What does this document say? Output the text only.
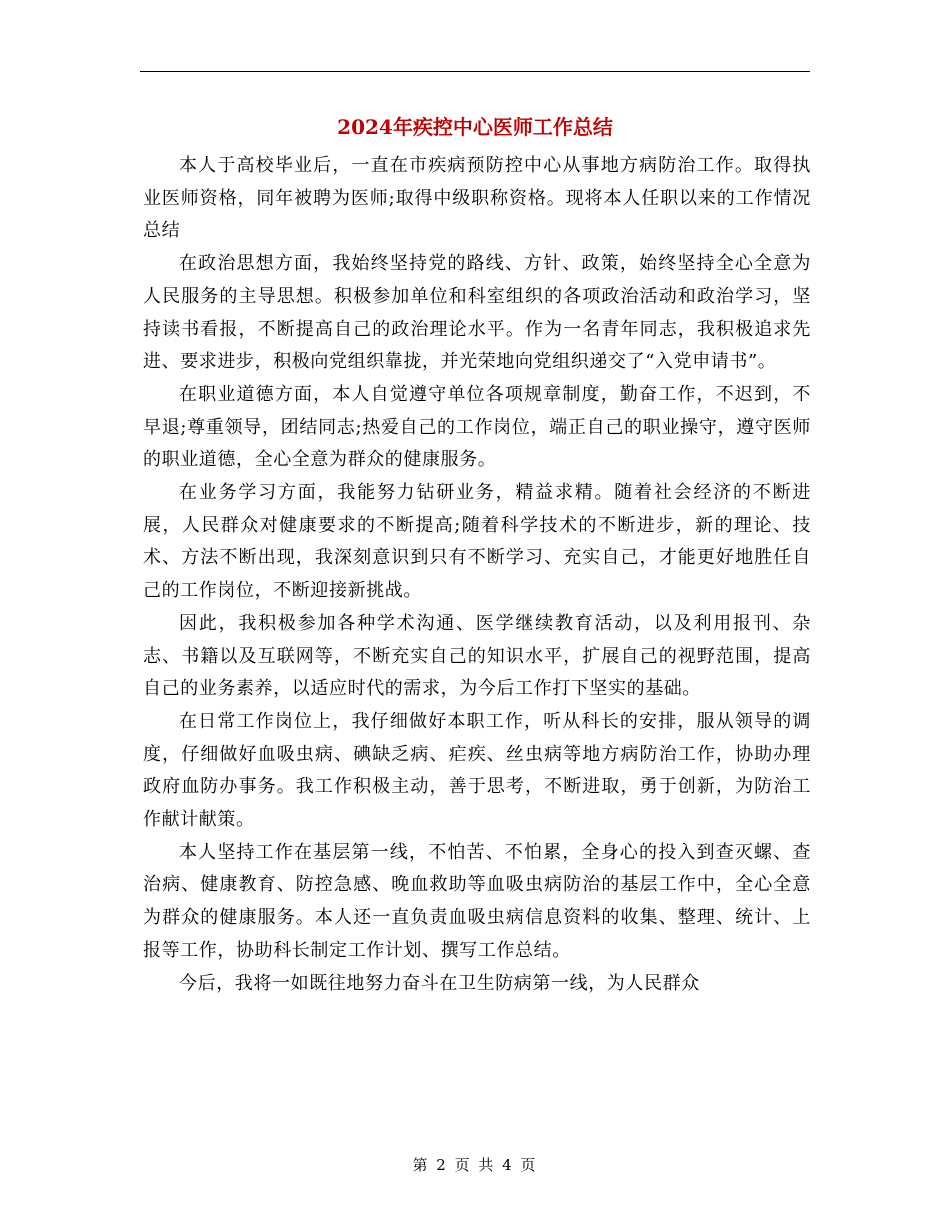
2024年疾控中心医师工作总结

本人于高校毕业后，一直在市疾病预防控中心从事地方病防治工作。取得执业医师资格，同年被聘为医师;取得中级职称资格。现将本人任职以来的工作情况总结

在政治思想方面，我始终坚持党的路线、方针、政策，始终坚持全心全意为人民服务的主导思想。积极参加单位和科室组织的各项政治活动和政治学习，坚持读书看报，不断提高自己的政治理论水平。作为一名青年同志，我积极追求先进、要求进步，积极向党组织靠拢，并光荣地向党组织递交了“入党申请书”。

在职业道德方面，本人自觉遵守单位各项规章制度，勤奋工作，不迟到，不早退;尊重领导，团结同志;热爱自己的工作岗位，端正自己的职业操守，遵守医师的职业道德，全心全意为群众的健康服务。

在业务学习方面，我能努力钻研业务，精益求精。随着社会经济的不断进展，人民群众对健康要求的不断提高;随着科学技术的不断进步，新的理论、技术、方法不断出现，我深刻意识到只有不断学习、充实自己，才能更好地胜任自己的工作岗位，不断迎接新挑战。

因此，我积极参加各种学术沟通、医学继续教育活动，以及利用报刊、杂志、书籍以及互联网等，不断充实自己的知识水平，扩展自己的视野范围，提高自己的业务素养，以适应时代的需求，为今后工作打下坚实的基础。

在日常工作岗位上，我仔细做好本职工作，听从科长的安排，服从领导的调度，仔细做好血吸虫病、碘缺乏病、疟疾、丝虫病等地方病防治工作，协助办理政府血防办事务。我工作积极主动，善于思考，不断进取，勇于创新，为防治工作献计献策。

本人坚持工作在基层第一线，不怕苦、不怕累，全身心的投入到查灭螺、查治病、健康教育、防控急感、晚血救助等血吸虫病防治的基层工作中，全心全意为群众的健康服务。本人还一直负责血吸虫病信息资料的收集、整理、统计、上报等工作，协助科长制定工作计划、撰写工作总结。

今后，我将一如既往地努力奋斗在卫生防病第一线，为人民群众

第 2 页 共 4 页
